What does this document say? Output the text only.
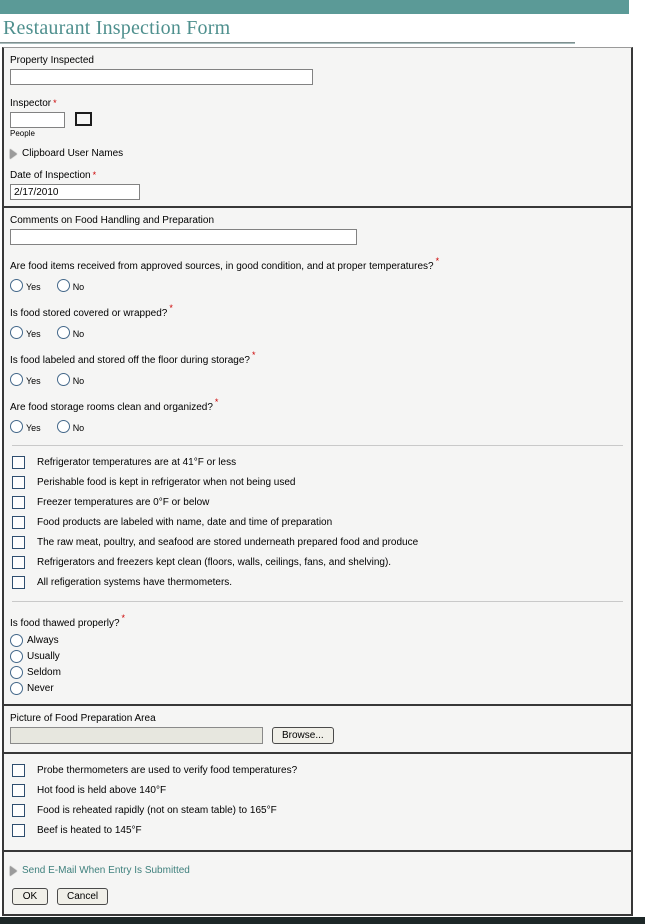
Restaurant Inspection Form
Property Inspected
Inspector *
People
Clipboard User Names
Date of Inspection *
2/17/2010
Comments on Food Handling and Preparation
Are food items received from approved sources, in good condition, and at proper temperatures? *
Yes	No
Is food stored covered or wrapped? *
Yes	No
Is food labeled and stored off the floor during storage? *
Yes	No
Are food storage rooms clean and organized? *
Yes	No
Refrigerator temperatures are at 41°F or less
Perishable food is kept in refrigerator when not being used
Freezer temperatures are 0°F or below
Food products are labeled with name, date and time of preparation
The raw meat, poultry, and seafood are stored underneath prepared food and produce
Refrigerators and freezers kept clean (floors, walls, ceilings, fans, and shelving).
All refigeration systems have thermometers.
Is food thawed properly? *
Always
Usually
Seldom
Never
Picture of Food Preparation Area
Browse...
Probe thermometers are used to verify food temperatures?
Hot food is held above 140°F
Food is reheated rapidly (not on steam table) to 165°F
Beef is heated to 145°F
Send E-Mail When Entry Is Submitted
OK	Cancel
